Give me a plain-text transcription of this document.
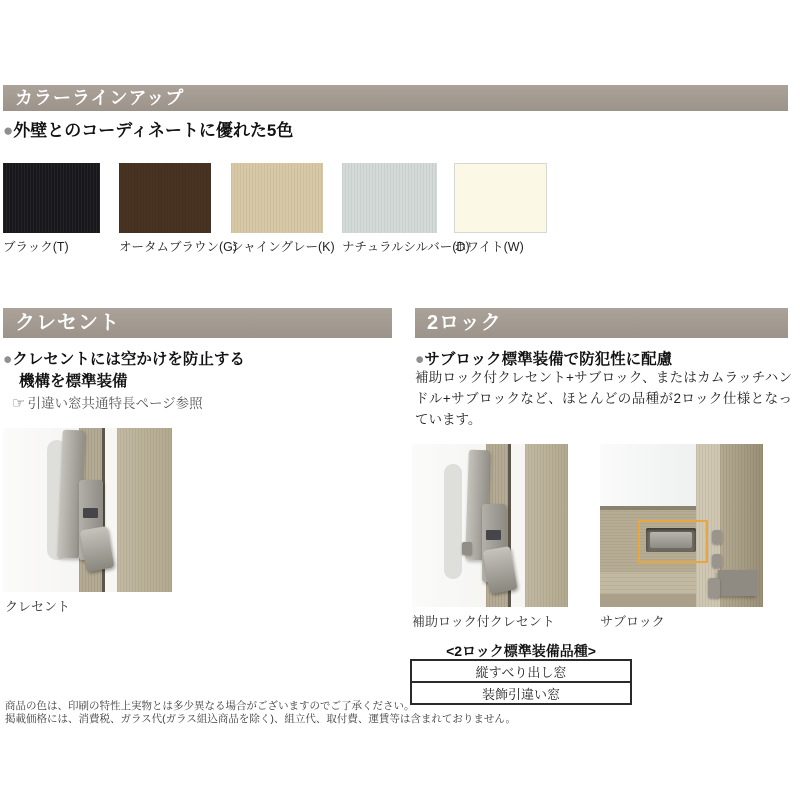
カラーラインアップ
●外壁とのコーディネートに優れた5色
ブラック(T)	オータムブラウン(G)
シャイングレー(K) ナチュラルシルバー(D)
ホワイト(W)
クレセント
●クレセントには空かけを防止する
機構を標準装備
☞ 引違い窓共通特長ページ参照
クレセント
2ロック
●サブロック標準装備で防犯性に配慮
補助ロック付クレセント+サブロック、またはカムラッチハンドル+サブロックなど、ほとんどの品種が2ロック仕様となっています。
補助ロック付クレセント	サブロック
<2ロック標準装備品種>
縦すべり出し窓
装飾引違い窓
商品の色は、印刷の特性上実物とは多少異なる場合がございますのでご了承ください。
掲載価格には、消費税、ガラス代(ガラス組込商品を除く)、組立代、取付費、運賃等は含まれておりません。
